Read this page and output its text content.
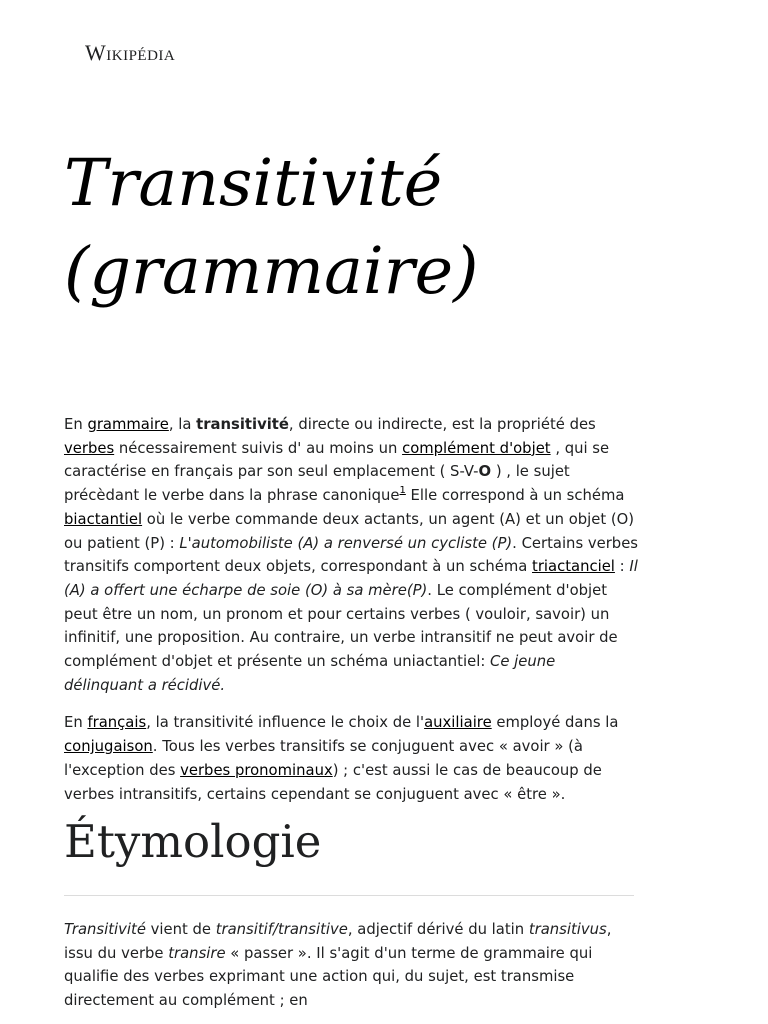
Wikipédia
Transitivité
(grammaire)

En grammaire, la transitivité, directe ou indirecte, est la propriété des verbes nécessairement suivis d' au moins un complément d'objet , qui se caractérise en français par son seul emplacement ( S-V-O ) , le sujet précèdant le verbe dans la phrase canonique$^1$ Elle correspond à un schéma biactantiel où le verbe commande deux actants, un agent (A) et un objet (O) ou patient (P) : L'automobiliste (A) a renversé un cycliste (P). Certains verbes transitifs comportent deux objets, correspondant à un schéma triactanciel : Il (A) a offert une écharpe de soie (O) à sa mère(P). Le complément d'objet peut être un nom, un pronom et pour certains verbes ( vouloir, savoir) un infinitif, une proposition. Au contraire, un verbe intransitif ne peut avoir de complément d'objet et présente un schéma uniactantiel: Ce jeune délinquant a récidivé.

En français, la transitivité influence le choix de l'auxiliaire employé dans la conjugaison. Tous les verbes transitifs se conjuguent avec « avoir » (à l'exception des verbes pronominaux) ; c'est aussi le cas de beaucoup de verbes intransitifs, certains cependant se conjuguent avec « être ».

Étymologie

Transitivité vient de transitif/transitive, adjectif dérivé du latin transitivus, issu du verbe transire « passer ». Il s'agit d'un terme de grammaire qui qualifie des verbes exprimant une action qui, du sujet, est transmise directement au complément ; en
